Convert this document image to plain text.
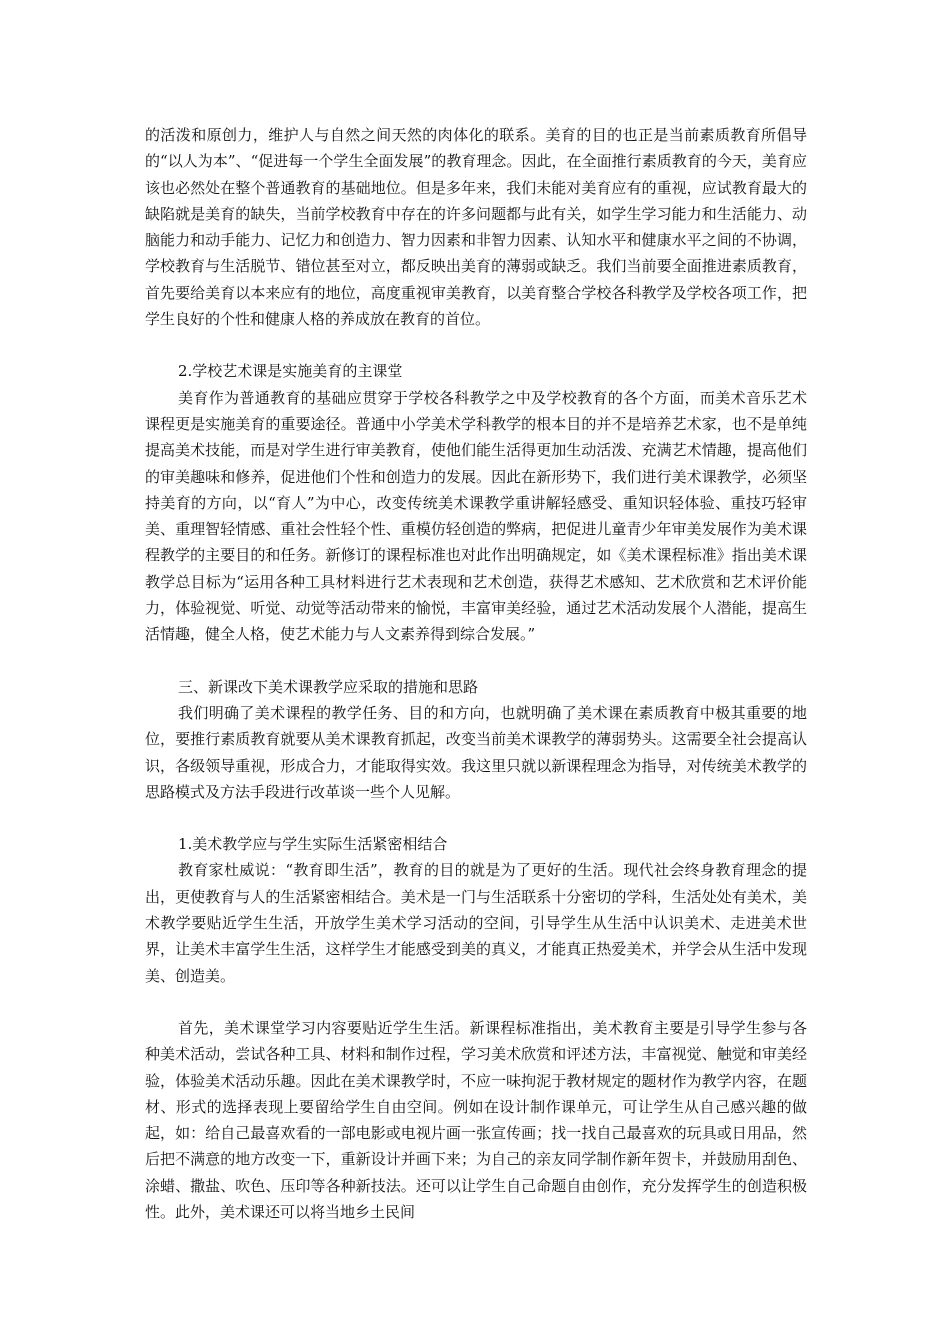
的活泼和原创力，维护人与自然之间天然的肉体化的联系。美育的目的也正是当前素质教育所倡导的“以人为本”、“促进每一个学生全面发展”的教育理念。因此，在全面推行素质教育的今天，美育应该也必然处在整个普通教育的基础地位。但是多年来，我们未能对美育应有的重视，应试教育最大的缺陷就是美育的缺失，当前学校教育中存在的许多问题都与此有关，如学生学习能力和生活能力、动脑能力和动手能力、记忆力和创造力、智力因素和非智力因素、认知水平和健康水平之间的不协调，学校教育与生活脱节、错位甚至对立，都反映出美育的薄弱或缺乏。我们当前要全面推进素质教育，首先要给美育以本来应有的地位，高度重视审美教育，以美育整合学校各科教学及学校各项工作，把学生良好的个性和健康人格的养成放在教育的首位。

2.学校艺术课是实施美育的主课堂

美育作为普通教育的基础应贯穿于学校各科教学之中及学校教育的各个方面，而美术音乐艺术课程更是实施美育的重要途径。普通中小学美术学科教学的根本目的并不是培养艺术家，也不是单纯提高美术技能，而是对学生进行审美教育，使他们能生活得更加生动活泼、充满艺术情趣，提高他们的审美趣味和修养，促进他们个性和创造力的发展。因此在新形势下，我们进行美术课教学，必须坚持美育的方向，以“育人”为中心，改变传统美术课教学重讲解轻感受、重知识轻体验、重技巧轻审美、重理智轻情感、重社会性轻个性、重模仿轻创造的弊病，把促进儿童青少年审美发展作为美术课程教学的主要目的和任务。新修订的课程标准也对此作出明确规定，如《美术课程标准》指出美术课教学总目标为“运用各种工具材料进行艺术表现和艺术创造，获得艺术感知、艺术欣赏和艺术评价能力，体验视觉、听觉、动觉等活动带来的愉悦，丰富审美经验，通过艺术活动发展个人潜能，提高生活情趣，健全人格，使艺术能力与人文素养得到综合发展。”

三、新课改下美术课教学应采取的措施和思路

我们明确了美术课程的教学任务、目的和方向，也就明确了美术课在素质教育中极其重要的地位，要推行素质教育就要从美术课教育抓起，改变当前美术课教学的薄弱势头。这需要全社会提高认识，各级领导重视，形成合力，才能取得实效。我这里只就以新课程理念为指导，对传统美术教学的思路模式及方法手段进行改革谈一些个人见解。

1.美术教学应与学生实际生活紧密相结合

教育家杜威说：“教育即生活”，教育的目的就是为了更好的生活。现代社会终身教育理念的提出，更使教育与人的生活紧密相结合。美术是一门与生活联系十分密切的学科，生活处处有美术，美术教学要贴近学生生活，开放学生美术学习活动的空间，引导学生从生活中认识美术、走进美术世界，让美术丰富学生生活，这样学生才能感受到美的真义，才能真正热爱美术，并学会从生活中发现美、创造美。

首先，美术课堂学习内容要贴近学生生活。新课程标准指出，美术教育主要是引导学生参与各种美术活动，尝试各种工具、材料和制作过程，学习美术欣赏和评述方法，丰富视觉、触觉和审美经验，体验美术活动乐趣。因此在美术课教学时，不应一味拘泥于教材规定的题材作为教学内容，在题材、形式的选择表现上要留给学生自由空间。例如在设计制作课单元，可让学生从自己感兴趣的做起，如：给自己最喜欢看的一部电影或电视片画一张宣传画；找一找自己最喜欢的玩具或日用品，然后把不满意的地方改变一下，重新设计并画下来；为自己的亲友同学制作新年贺卡，并鼓励用刮色、涂蜡、撒盐、吹色、压印等各种新技法。还可以让学生自己命题自由创作，充分发挥学生的创造积极性。此外，美术课还可以将当地乡土民间
